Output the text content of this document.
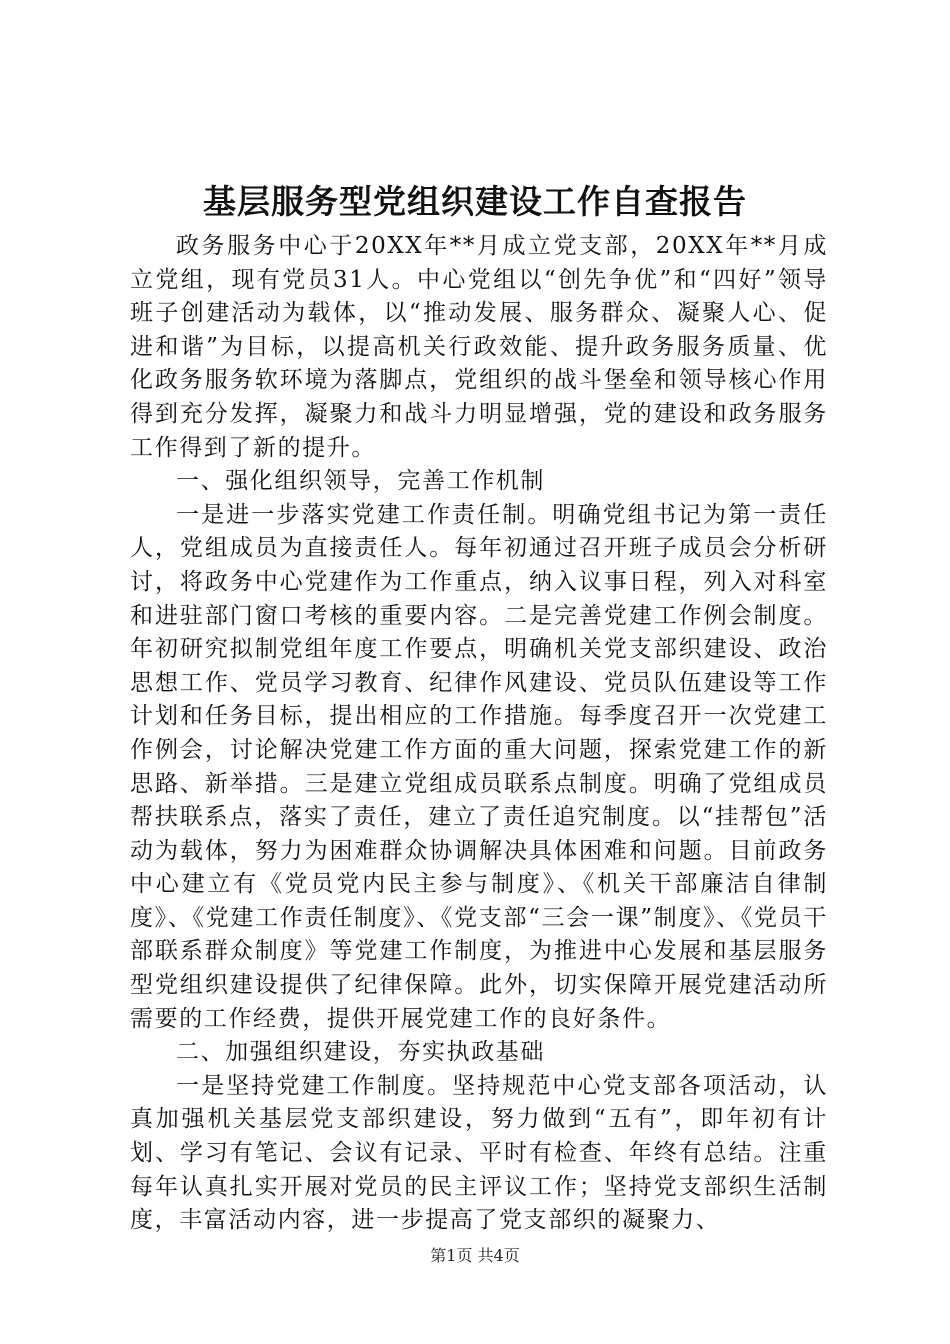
基层服务型党组织建设工作自查报告

政务服务中心于20XX年**月成立党支部，20XX年**月成立党组，现有党员31人。中心党组以“创先争优”和“四好”领导班子创建活动为载体，以“推动发展、服务群众、凝聚人心、促进和谐”为目标，以提高机关行政效能、提升政务服务质量、优化政务服务软环境为落脚点，党组织的战斗堡垒和领导核心作用得到充分发挥，凝聚力和战斗力明显增强，党的建设和政务服务工作得到了新的提升。

一、强化组织领导，完善工作机制

一是进一步落实党建工作责任制。明确党组书记为第一责任人，党组成员为直接责任人。每年初通过召开班子成员会分析研讨，将政务中心党建作为工作重点，纳入议事日程，列入对科室和进驻部门窗口考核的重要内容。二是完善党建工作例会制度。年初研究拟制党组年度工作要点，明确机关党支部织建设、政治思想工作、党员学习教育、纪律作风建设、党员队伍建设等工作计划和任务目标，提出相应的工作措施。每季度召开一次党建工作例会，讨论解决党建工作方面的重大问题，探索党建工作的新思路、新举措。三是建立党组成员联系点制度。明确了党组成员帮扶联系点，落实了责任，建立了责任追究制度。以“挂帮包”活动为载体，努力为困难群众协调解决具体困难和问题。目前政务中心建立有《党员党内民主参与制度》、《机关干部廉洁自律制度》、《党建工作责任制度》、《党支部“三会一课”制度》、《党员干部联系群众制度》等党建工作制度，为推进中心发展和基层服务型党组织建设提供了纪律保障。此外，切实保障开展党建活动所需要的工作经费，提供开展党建工作的良好条件。

二、加强组织建设，夯实执政基础

一是坚持党建工作制度。坚持规范中心党支部各项活动，认真加强机关基层党支部织建设，努力做到“五有”，即年初有计划、学习有笔记、会议有记录、平时有检查、年终有总结。注重每年认真扎实开展对党员的民主评议工作；坚持党支部织生活制度，丰富活动内容，进一步提高了党支部织的凝聚力、

第1页 共4页
